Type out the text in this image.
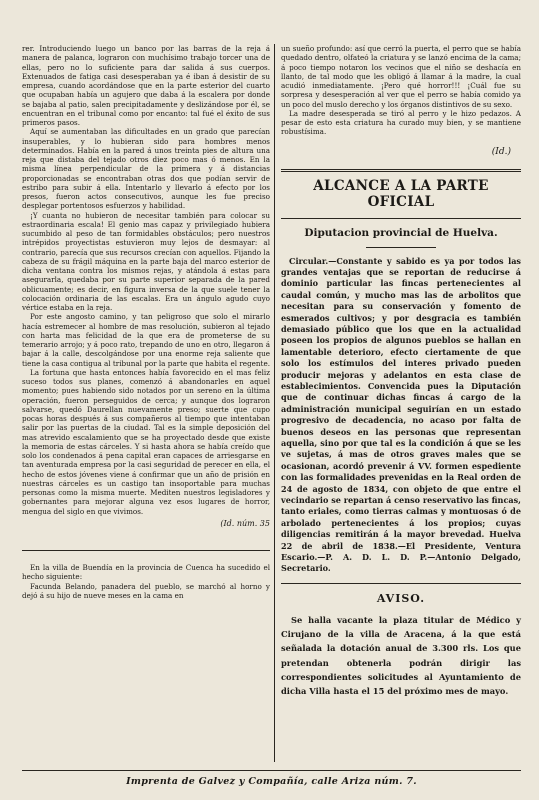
rer. Introduciendo luego un banco por las barras de la reja á manera de palanca, lograron con muchísimo trabajo torcer una de ellas, pero no lo suficiente para dar salida á sus cuerpos. Extenuados de fatiga casi desesperaban ya é iban á desistir de su empresa, cuando acordándose que en la parte esterior del cuarto que ocupaban había un agujero que daba á la escalera por donde se bajaba al patio, salen precipitadamente y deslizándose por él, se encuentran en el tribunal como por encanto: tal fué el éxito de sus primeros pasos.

Aquí se aumentaban las dificultades en un grado que parecían insuperables, y lo hubieran sido para hombres menos determinados. Había en la pared á unos treinta pies de altura una reja que distaba del tejado otros diez poco mas ó menos. En la misma línea perpendicular de la primera y á distancias proporcionadas se encontraban otras dos que podían servir de estribo para subir á ella. Intentarlo y llevarlo á efecto por los presos, fueron actos consecutivos, aunque les fue preciso desplegar portentosos esfuerzos y habilidad.

¡Y cuanta no hubieron de necesitar también para colocar su estraordinaria escala! El genio mas capaz y privilegiado hubiera sucumbido al peso de tan formidables obstáculos; pero nuestros intrépidos proyectistas estuvieron muy lejos de desmayar: al contrario, parecía que sus recursos crecían con aquellos. Fijando la cabeza de su frágil máquina en la parte baja del marco esterior de dicha ventana contra los mismos rejas, y atándola á estas para asegurarla, quedaba por su parte superior separada de la pared oblicuamente; es decir, en figura inversa de la que suele tener la colocación ordinaria de las escalas. Era un ángulo agudo cuyo vértice estaba en la reja.

Por este angosto camino, y tan peligroso que solo el mirarlo hacía estremecer al hombre de mas resolución, subieron al tejado con harta mas felicidad de la que era de prometerse de su temerario arrojo; y á poco rato, trepando de uno en otro, llegaron á bajar á la calle, descolgándose por una enorme reja saliente que tiene la casa contigua al tribunal por la parte que habita el regente.

La fortuna que hasta entonces había favorecido en el mas feliz suceso todos sus planes, comenzó á abandonarles en aquel momento; pues habiendo sido notados por un sereno en la última operación, fueron perseguidos de cerca; y aunque dos lograron salvarse, quedó Daurellan nuevamente preso; suerte que cupo pocas horas después á sus compañeros al tiempo que intentaban salir por las puertas de la ciudad. Tal es la simple deposición del mas atrevido escalamiento que se ha proyectado desde que existe la memoria de estas cárceles. Y si hasta ahora se había creído que solo los condenados á pena capital eran capaces de arriesgarse en tan aventurada empresa por la casi seguridad de perecer en ella, el hecho de estos jóvenes viene á confirmar que un año de prisión en nuestras cárceles es un castigo tan insoportable para muchas personas como la misma muerte. Mediten nuestros legisladores y gobernantes para mejorar alguna vez esos lugares de horror, mengua del siglo en que vivimos.

(Id. núm. 35

En la villa de Buendía en la provincia de Cuenca ha sucedido el hecho siguiente:

Facunda Belando, panadera del pueblo, se marchó al horno y dejó á su hijo de nueve meses en la cama en

un sueño profundo: así que cerró la puerta, el perro que se había quedado dentro, olfateó la criatura y se lanzó encima de la cama; á poco tiempo notaron los vecinos que el niño se deshacía en llanto, de tal modo que les obligó á llamar á la madre, la cual acudió inmediatamente. ¡Pero qué horror!!! ¡Cuál fue su sorpresa y desesperación al ver que el perro se había comido ya un poco del muslo derecho y los órganos distintivos de su sexo.

La madre desesperada se tiró al perro y le hizo pedazos. A pesar de esto esta criatura ha curado muy bien, y se mantiene robustísima.

(Id.)
ALCANCE A LA PARTE OFICIAL
Diputacion provincial de Huelva.

Circular.—Constante y sabido es ya por todos las grandes ventajas que se reportan de reducirse á dominio particular las fincas pertenecientes al caudal común, y mucho mas las de arbolitos que necesitan para su conservación y fomento de esmerados cultivos; y por desgracia es también demasiado público que los que en la actualidad poseen los propios de algunos pueblos se hallan en lamentable deterioro, efecto ciertamente de que solo los estímulos del interes privado pueden producir mejoras y adelantos en esta clase de establecimientos. Convencida pues la Diputación que de continuar dichas fincas á cargo de la administración municipal seguirían en un estado progresivo de decadencia, no acaso por falta de buenos deseos en las personas que representan aquella, sino por que tal es la condición á que se les ve sujetas, á mas de otros graves males que se ocasionan, acordó prevenir á VV. formen espediente con las formalidades prevenidas en la Real orden de 24 de agosto de 1834, con objeto de que entre el vecindario se repartan á censo reservativo las fincas, tanto eriales, como tierras calmas y montuosas ó de arbolado pertenecientes á los propios; cuyas diligencias remitirán á la mayor brevedad. Huelva 22 de abril de 1838.—El Presidente, Ventura Escario.—P. A. D. L. D. P.—Antonio Delgado, Secretario.

AVISO.

Se halla vacante la plaza titular de Médico y Cirujano de la villa de Aracena, á la que está señalada la dotación anual de 3.300 rls. Los que pretendan obtenerla podrán dirigir las correspondientes solicitudes al Ayuntamiento de dicha Villa hasta el 15 del próximo mes de mayo.

Imprenta de Galvez y Compañía, calle Ariza núm. 7.
